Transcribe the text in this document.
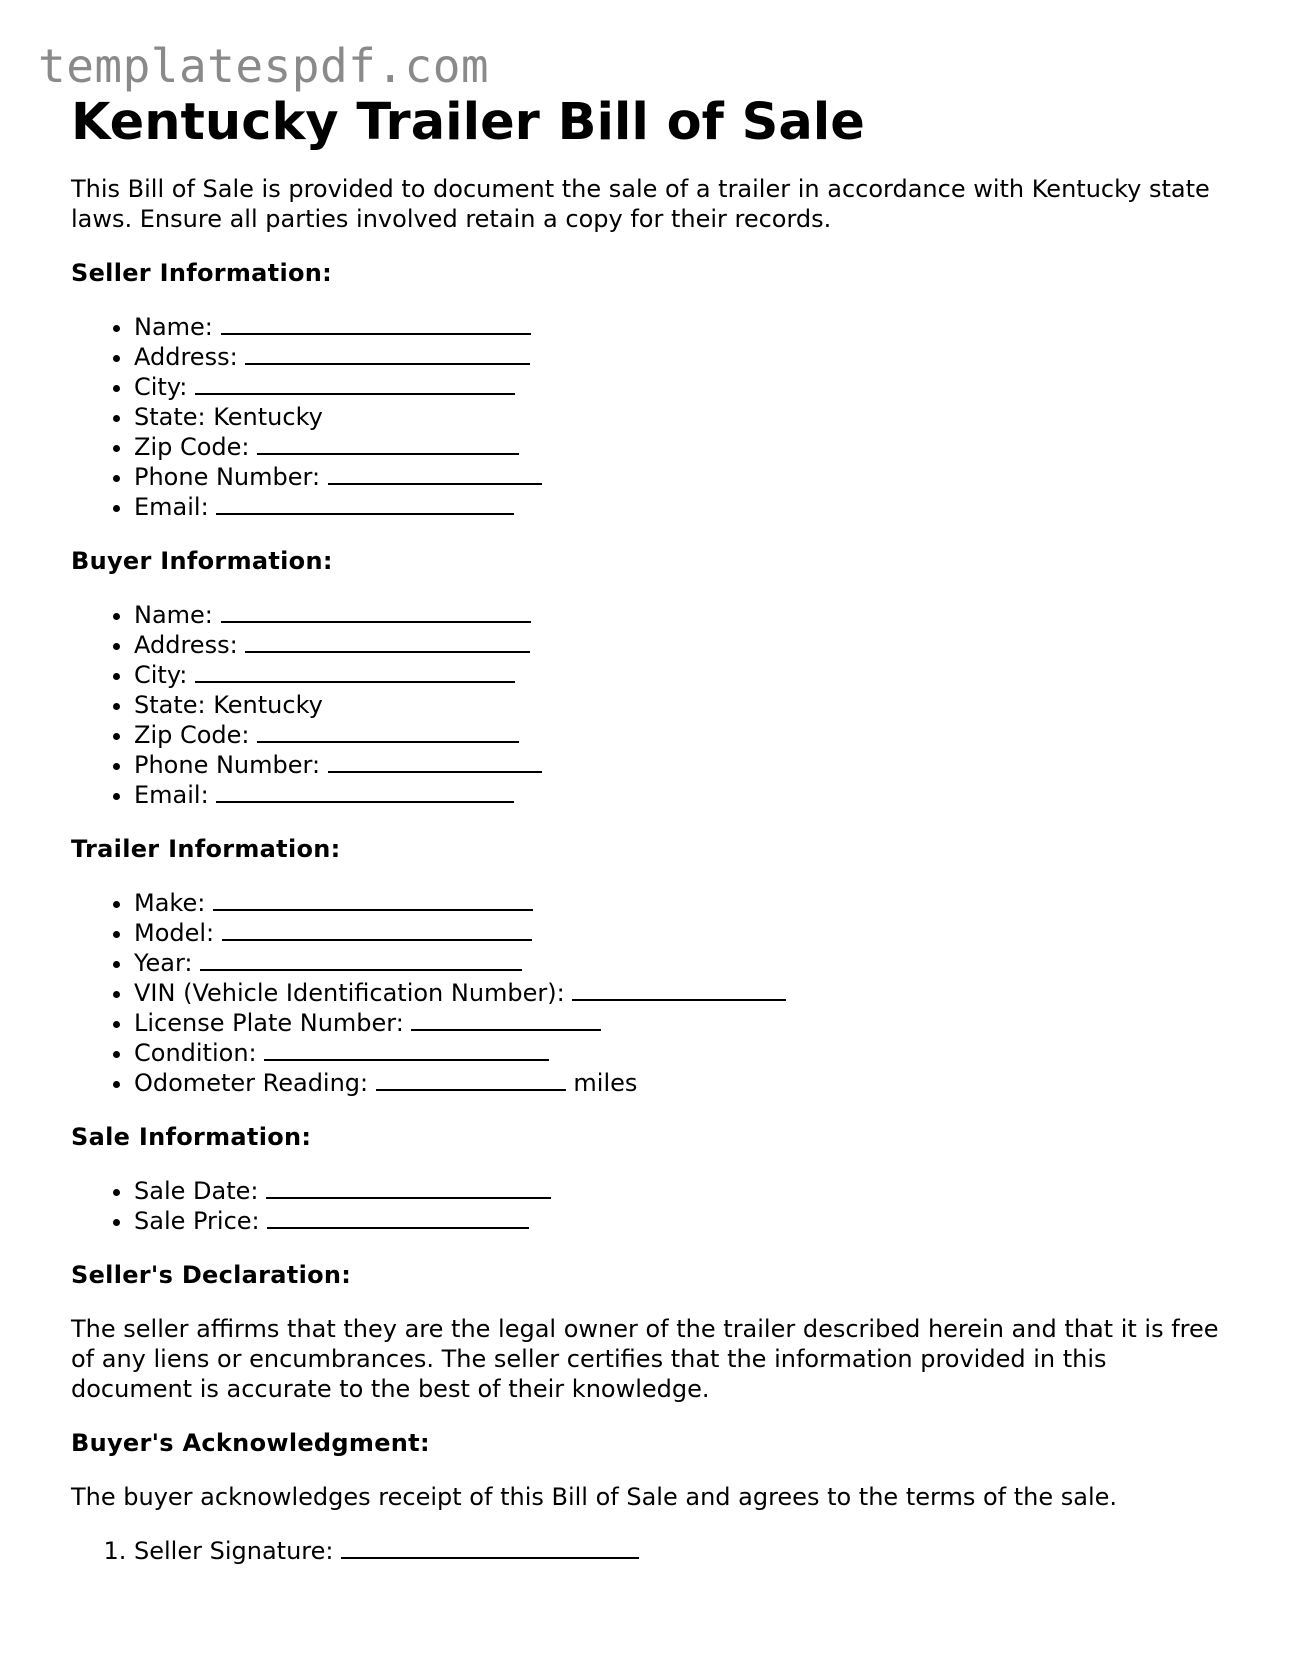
templatespdf.com
Kentucky Trailer Bill of Sale

This Bill of Sale is provided to document the sale of a trailer in accordance with Kentucky state laws. Ensure all parties involved retain a copy for their records.

Seller Information:
• Name:
• Address:
• City:
• State: Kentucky
• Zip Code:
• Phone Number:
• Email:
Buyer Information:
• Name:
• Address:
• City:
• State: Kentucky
• Zip Code:
• Phone Number:
• Email:
Trailer Information:
• Make:
• Model:
• Year:
• VIN (Vehicle Identification Number):
• License Plate Number:
• Condition:
• Odometer Reading:	miles
Sale Information:
• Sale Date:
• Sale Price:
Seller's Declaration:

The seller affirms that they are the legal owner of the trailer described herein and that it is free of any liens or encumbrances. The seller certifies that the information provided in this document is accurate to the best of their knowledge.

Buyer's Acknowledgment:

The buyer acknowledges receipt of this Bill of Sale and agrees to the terms of the sale.

1. Seller Signature:
